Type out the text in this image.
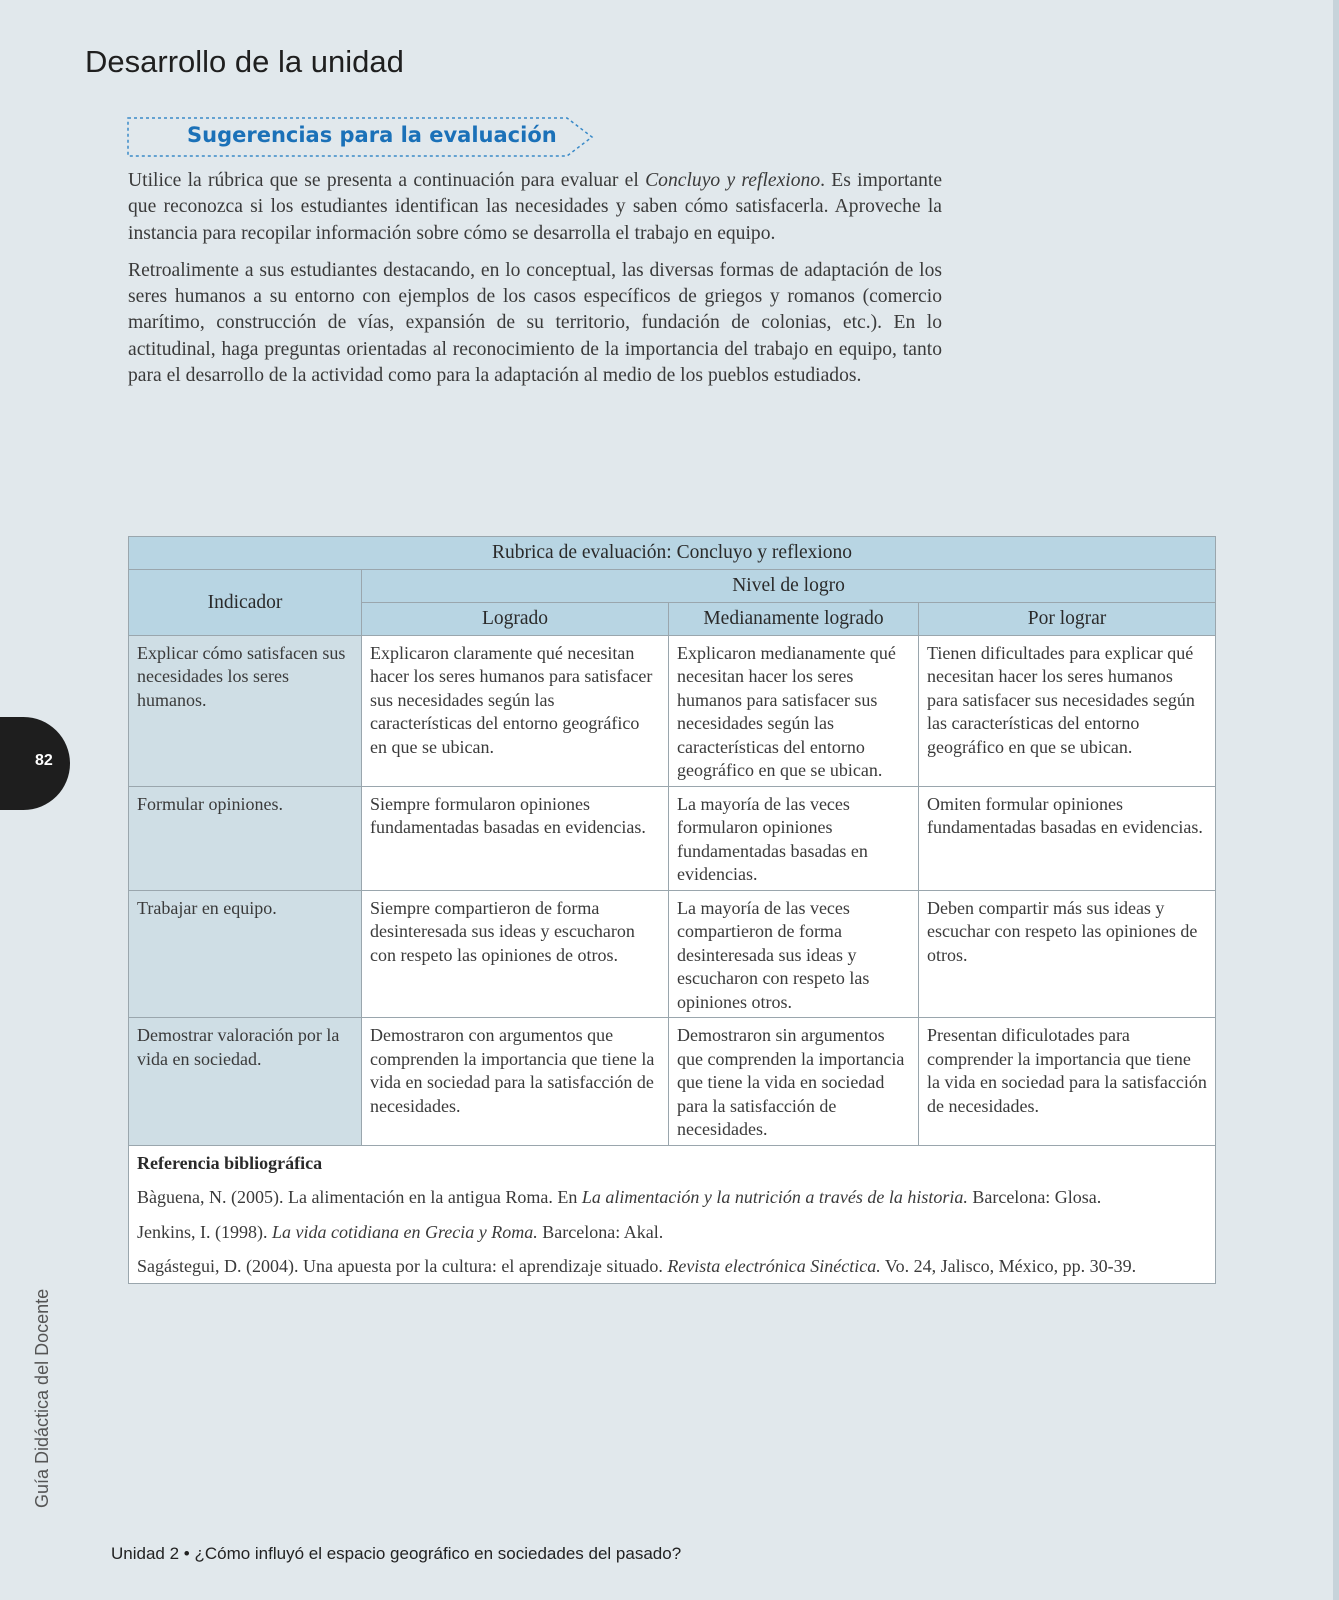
Desarrollo de la unidad
Sugerencias para la evaluación

Utilice la rúbrica que se presenta a continuación para evaluar el Concluyo y reflexiono. Es importante que reconozca si los estudiantes identifican las necesidades y saben cómo satisfacerla. Aproveche la instancia para recopilar información sobre cómo se desarrolla el trabajo en equipo.

Retroalimente a sus estudiantes destacando, en lo conceptual, las diversas formas de adaptación de los seres humanos a su entorno con ejemplos de los casos específicos de griegos y romanos (comercio marítimo, construcción de vías, expansión de su territorio, fundación de colonias, etc.). En lo actitudinal, haga preguntas orientadas al reconocimiento de la importancia del trabajo en equipo, tanto para el desarrollo de la actividad como para la adaptación al medio de los pueblos estudiados.

Rubrica de evaluación: Concluyo y reflexiono			
Indicador	Nivel de logro		
	Logrado	Medianamente logrado	Por lograr
Explicar cómo satisfacen sus necesidades los seres humanos.	Explicaron claramente qué necesitan hacer los seres humanos para satisfacer sus necesidades según las características del entorno geográfico en que se ubican.	Explicaron medianamente qué necesitan hacer los seres humanos para satisfacer sus necesidades según las características del entorno geográfico en que se ubican.	Tienen dificultades para explicar qué necesitan hacer los seres humanos para satisfacer sus necesidades según las características del entorno geográfico en que se ubican.
Formular opiniones.	Siempre formularon opiniones fundamentadas basadas en evidencias.	La mayoría de las veces formularon opiniones fundamentadas basadas en evidencias.	Omiten formular opiniones fundamentadas basadas en evidencias.
Trabajar en equipo.	Siempre compartieron de forma desinteresada sus ideas y escucharon con respeto las opiniones de otros.	La mayoría de las veces compartieron de forma desinteresada sus ideas y escucharon con respeto las opiniones otros.	Deben compartir más sus ideas y escuchar con respeto las opiniones de otros.
Demostrar valoración por la vida en sociedad.	Demostraron con argumentos que comprenden la importancia que tiene la vida en sociedad para la satisfacción de necesidades.	Demostraron sin argumentos que comprenden la importancia que tiene la vida en sociedad para la satisfacción de necesidades.	Presentan dificulotades para comprender la importancia que tiene la vida en sociedad para la satisfacción de necesidades.

Referencia bibliográfica
Bàguena, N. (2005). La alimentación en la antigua Roma. En La alimentación y la nutrición a través de la historia. Barcelona: Glosa.
Jenkins, I. (1998). La vida cotidiana en Grecia y Roma. Barcelona: Akal.
Sagástegui, D. (2004). Una apuesta por la cultura: el aprendizaje situado. Revista electrónica Sinéctica. Vo. 24, Jalisco, México, pp. 30-39.			
82
Guía Didáctica del Docente
Unidad 2 • ¿Cómo influyó el espacio geográfico en sociedades del pasado?
